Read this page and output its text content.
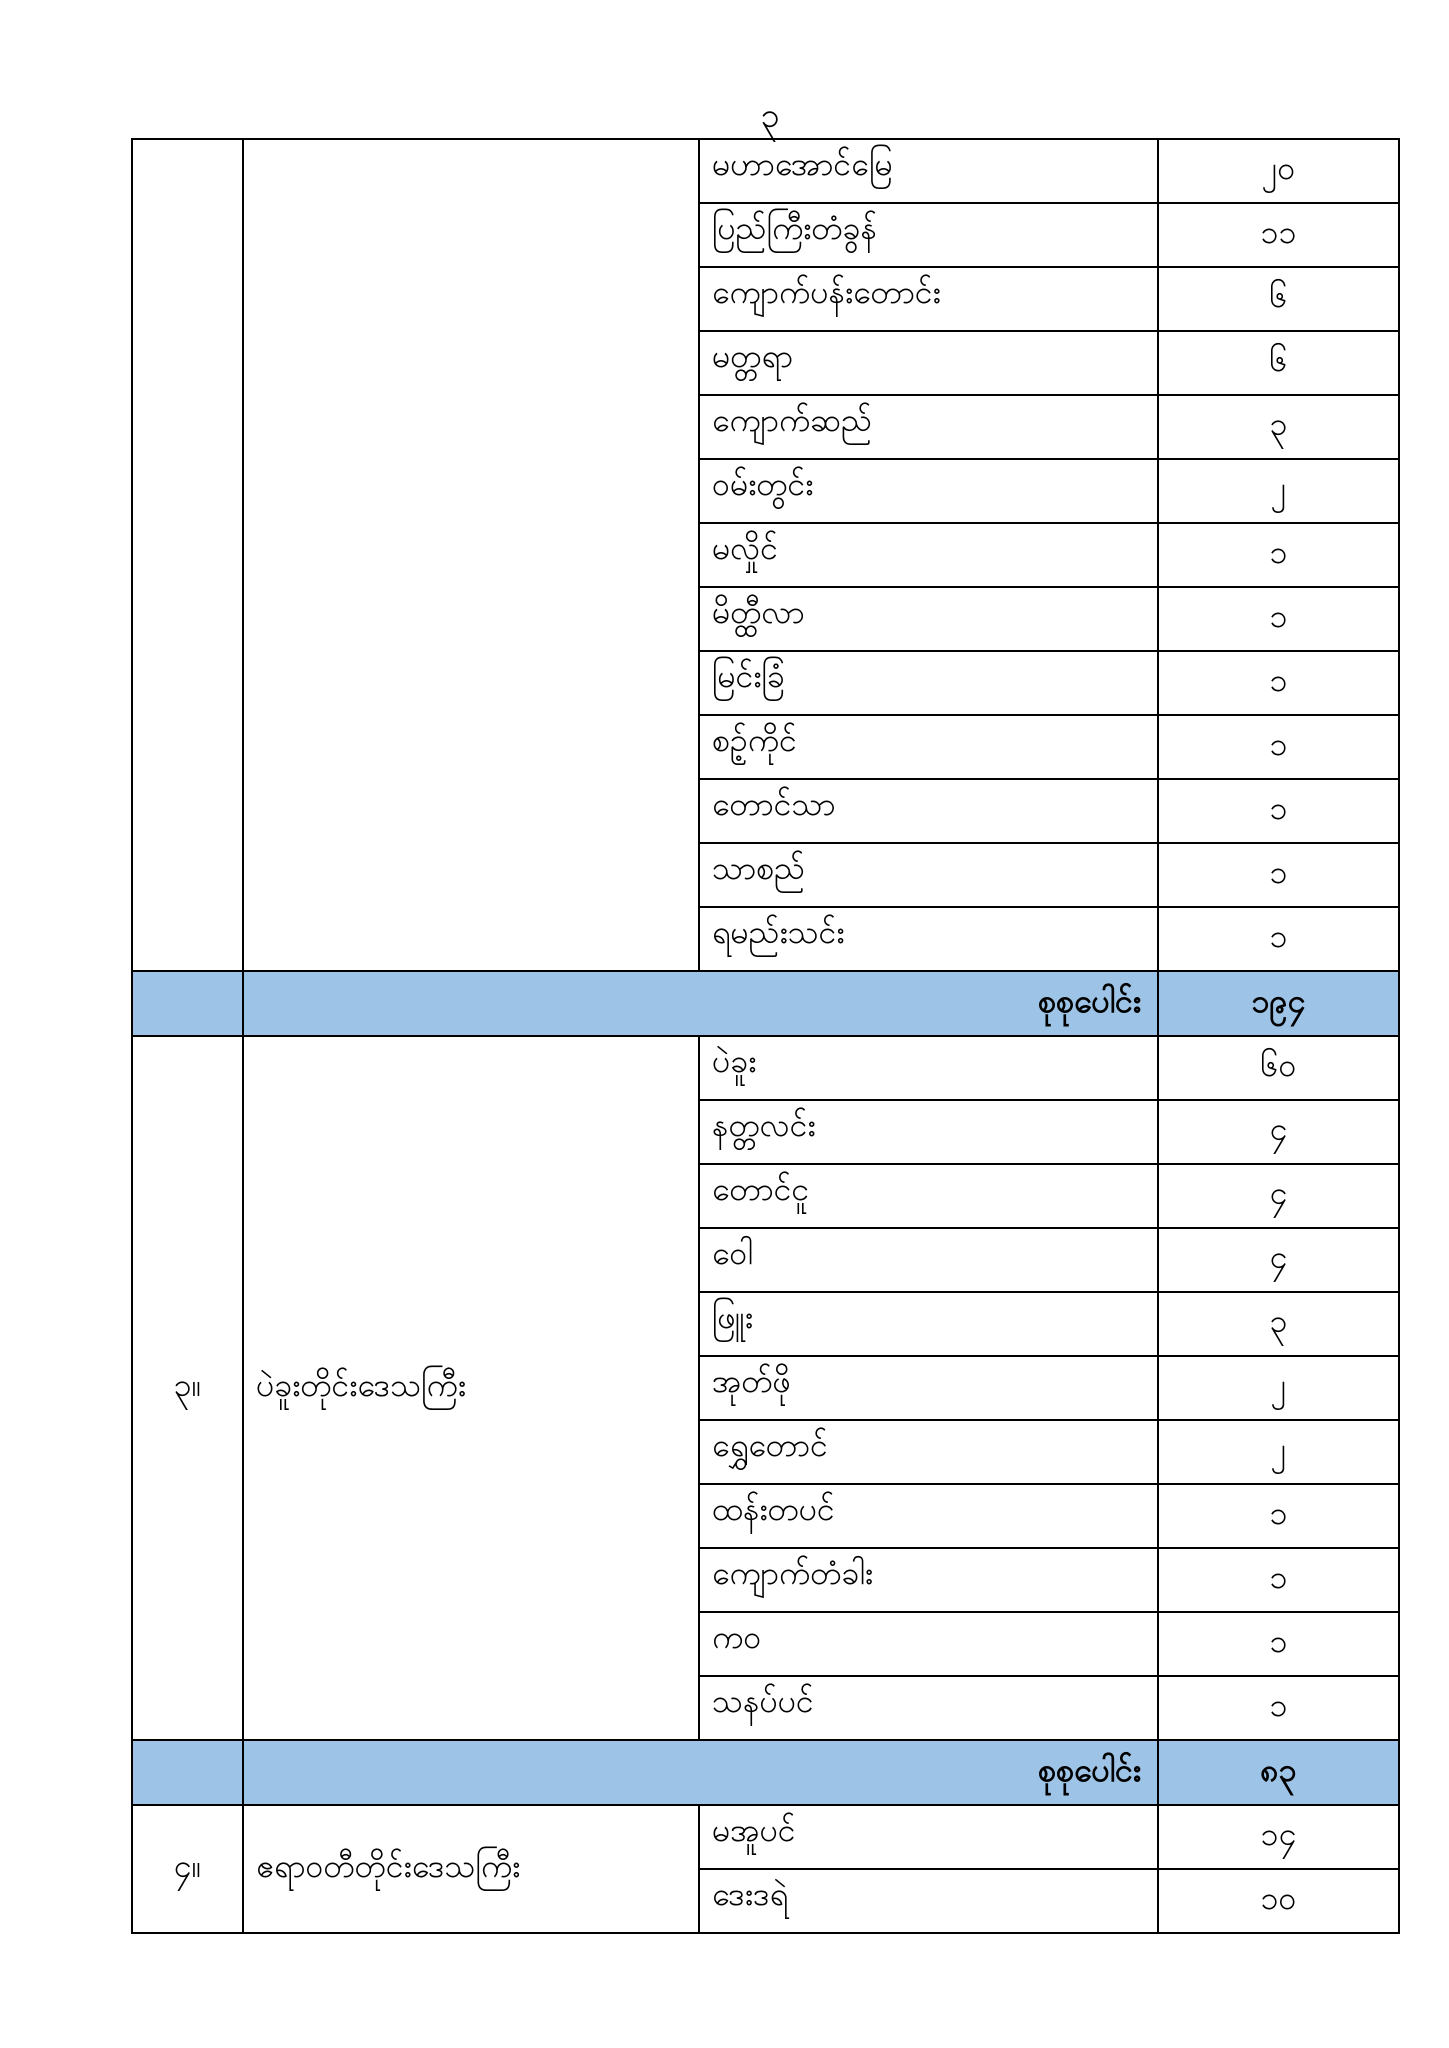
၃
		မဟာအောင်မြေ	၂၀
		ပြည်ကြီးတံခွန်	၁၁
		ကျောက်ပန်းတောင်း	၆
		မတ္တရာ	၆
		ကျောက်ဆည်	၃
		ဝမ်းတွင်း	၂
		မလှိုင်	၁
		မိတ္ထီလာ	၁
		မြင်းခြံ	၁
		စဉ့်ကိုင်	၁
		တောင်သာ	၁
		သာစည်	၁
		ရမည်းသင်း	၁
	စုစုပေါင်း		၁၉၄
၃။	ပဲခူးတိုင်းဒေသကြီး	ပဲခူး	၆၀
		နတ္တလင်း	၄
		တောင်ငူ	၄
		ဝေါ	၄
		ဖြူး	၃
		အုတ်ဖို	၂
		ရွှေတောင်	၂
		ထန်းတပင်	၁
		ကျောက်တံခါး	၁
		ကဝ	၁
		သနပ်ပင်	၁
	စုစုပေါင်း		၈၃
၄။	ဧရာဝတီတိုင်းဒေသကြီး	မအူပင်	၁၄
		ဒေးဒရဲ	၁၀
